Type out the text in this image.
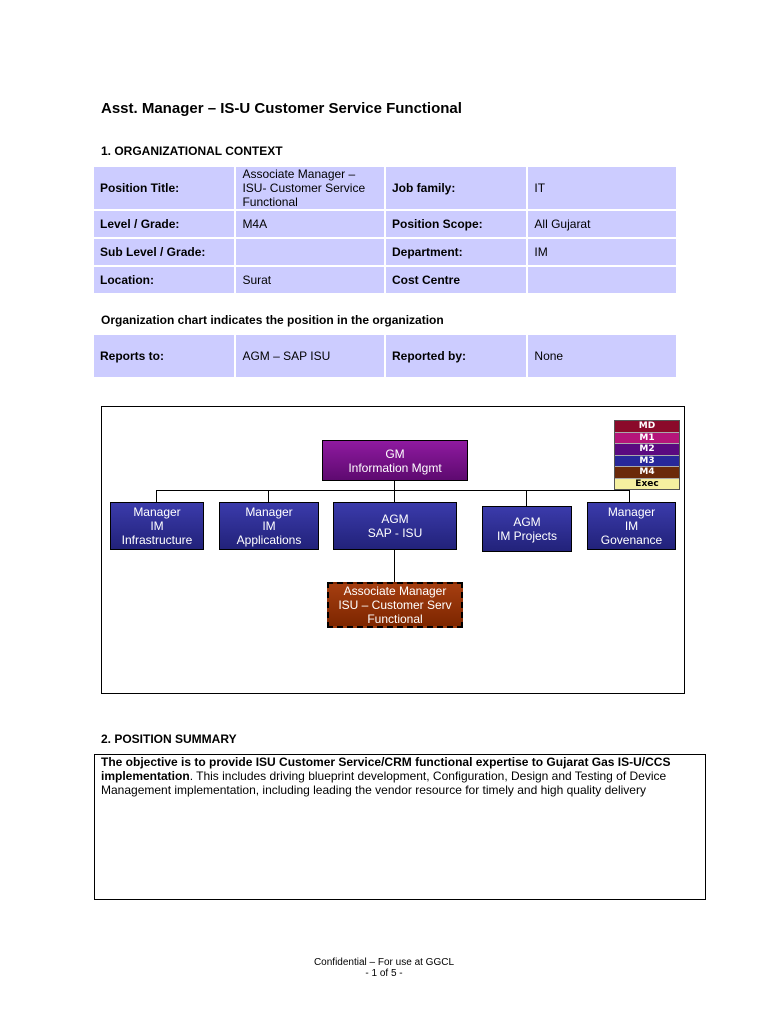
Asst. Manager – IS-U Customer Service Functional
1. ORGANIZATIONAL CONTEXT
Position Title:	Associate Manager – ISU- Customer Service Functional	Job family:	IT
Level / Grade:	M4A	Position Scope:	All Gujarat
Sub Level / Grade:		Department:	IM
Location:	Surat	Cost Centre	
Organization chart indicates the position in the organization
Reports to:	AGM – SAP ISU	Reported by:	None
GM
Information Mgmt
Manager
IM
Infrastructure
Manager
IM
Applications
AGM
SAP - ISU
AGM
IM Projects
Manager
IM
Govenance
Associate Manager
ISU – Customer Serv
Functional
MD
M1
M2
M3
M4
Exec
2. POSITION SUMMARY
The objective is to provide ISU Customer Service/CRM functional expertise to Gujarat Gas IS-U/CCS implementation. This includes driving blueprint development, Configuration, Design and Testing of Device Management implementation, including leading the vendor resource for timely and high quality delivery
Confidential – For use at GGCL
- 1 of 5 -
